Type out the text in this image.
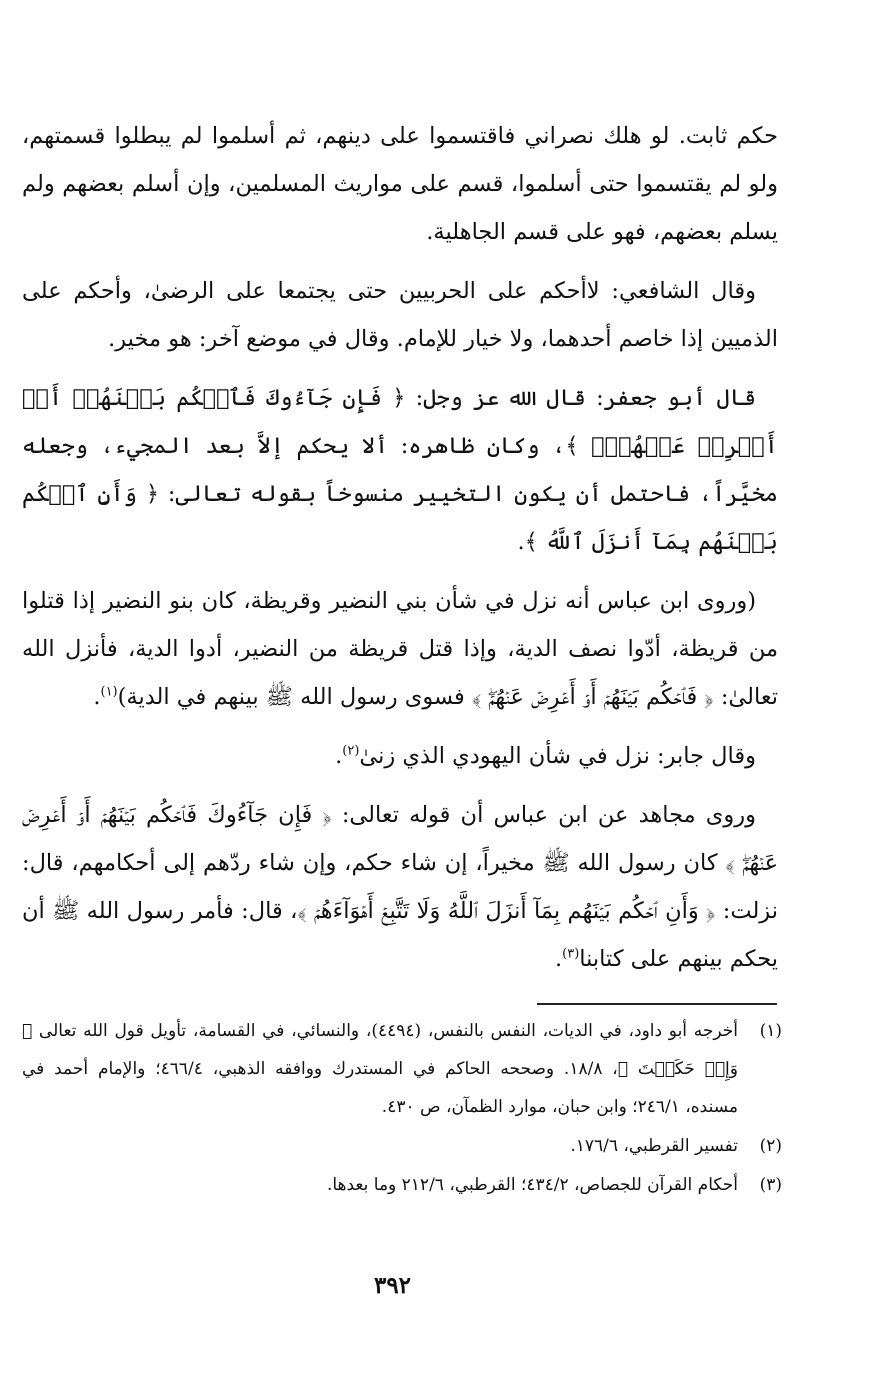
حكم ثابت. لو هلك نصراني فاقتسموا على دينهم، ثم أسلموا لم يبطلوا قسمتهم، ولو لم يقتسموا حتى أسلموا، قسم على مواريث المسلمين، وإن أسلم بعضهم ولم يسلم بعضهم، فهو على قسم الجاهلية.

وقال الشافعي: لاأحكم على الحربيين حتى يجتمعا على الرضىٰ، وأحكم على الذميين إذا خاصم أحدهما، ولا خيار للإمام. وقال في موضع آخر: هو مخير.

قال أبو جعفر: قال الله عز وجل: ﴿ فَإِن جَآءُوكَ فَٱحۡكُم بَيۡنَهُمۡ أَوۡ أَعۡرِضۡ عَنۡهُمۡۖ ﴾، وكان ظاهره: ألا يحكم إلاَّ بعد المجيء، وجعله مخيَّراً، فاحتمل أن يكون التخيير منسوخاً بقوله تعالى: ﴿ وَأَنِ ٱحۡكُم بَيۡنَهُم بِمَآ أَنزَلَ ٱللَّهُ ﴾.

(وروى ابن عباس أنه نزل في شأن بني النضير وقريظة، كان بنو النضير إذا قتلوا من قريظة، أدّوا نصف الدية، وإذا قتل قريظة من النضير، أدوا الدية، فأنزل الله تعالىٰ: ﴿ فَٱحۡكُم بَيۡنَهُمۡ أَوۡ أَعۡرِضۡ عَنۡهُمۡۖ ﴾ فسوى رسول الله ﷺ بينهم في الدية)$^{(١)}$.

وقال جابر: نزل في شأن اليهودي الذي زنىٰ$^{(٢)}$.

وروى مجاهد عن ابن عباس أن قوله تعالى: ﴿ فَإِن جَآءُوكَ فَٱحۡكُم بَيۡنَهُمۡ أَوۡ أَعۡرِضۡ عَنۡهُمۡۖ ﴾ كان رسول الله ﷺ مخيراً، إن شاء حكم، وإن شاء ردّهم إلى أحكامهم، قال: نزلت: ﴿ وَأَنِ ٱحۡكُم بَيۡنَهُم بِمَآ أَنزَلَ ٱللَّهُ وَلَا تَتَّبِعۡ أَهۡوَآءَهُمۡ ﴾، قال: فأمر رسول الله ﷺ أن يحكم بينهم على كتابنا$^{(٣)}$.

(١)
أخرجه أبو داود، في الديات، النفس بالنفس، (٤٤٩٤)، والنسائي، في القسامة، تأويل قول الله تعالى ﴿ وَإِنۡ حَكَمۡتَ ﴾، ١٨/٨. وصححه الحاكم في المستدرك ووافقه الذهبي، ٤٦٦/٤؛ والإمام أحمد في مسنده، ٢٤٦/١؛ وابن حبان، موارد الظمآن، ص ٤٣٠.
(٢)
تفسير القرطبي، ١٧٦/٦.
(٣)
أحكام القرآن للجصاص، ٤٣٤/٢؛ القرطبي، ٢١٢/٦ وما بعدها.
٣٩٢
